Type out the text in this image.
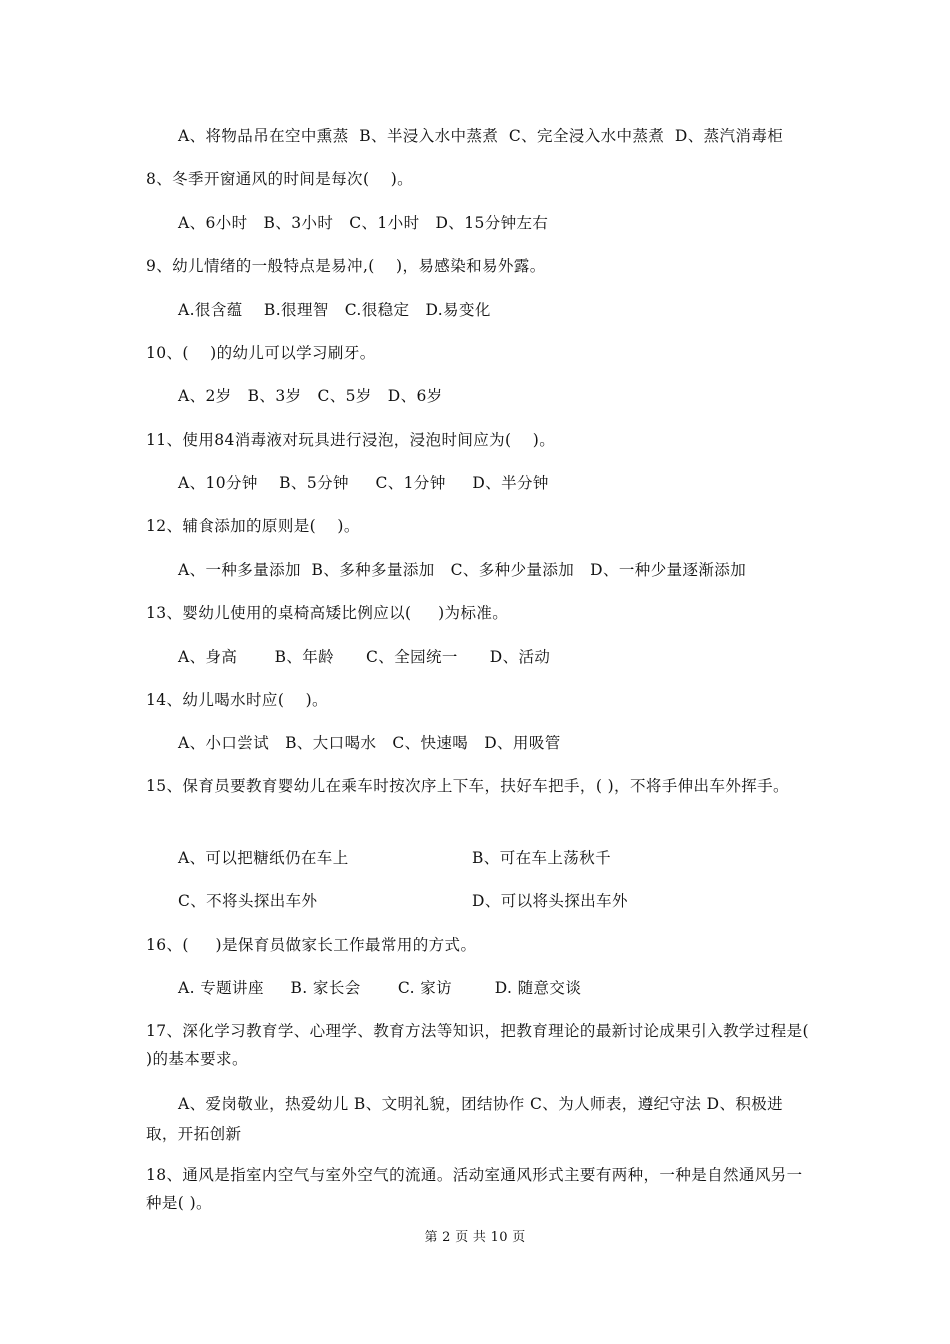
A、将物品吊在空中熏蒸  B、半浸入水中蒸煮  C、完全浸入水中蒸煮  D、蒸汽消毒柜
8、冬季开窗通风的时间是每次(    )。
A、6小时   B、3小时   C、1小时   D、15分钟左右
9、幼儿情绪的一般特点是易冲,(    )，易感染和易外露。
A.很含蕴    B.很理智   C.很稳定   D.易变化
10、(    )的幼儿可以学习刷牙。
A、2岁   B、3岁   C、5岁   D、6岁
11、使用84消毒液对玩具进行浸泡，浸泡时间应为(    )。
A、10分钟    B、5分钟     C、1分钟     D、半分钟
12、辅食添加的原则是(    )。
A、一种多量添加  B、多种多量添加   C、多种少量添加   D、一种少量逐渐添加
13、婴幼儿使用的桌椅高矮比例应以(     )为标准。
A、身高       B、年龄      C、全园统一      D、活动
14、幼儿喝水时应(    )。
A、小口尝试   B、大口喝水   C、快速喝   D、用吸管
15、保育员要教育婴幼儿在乘车时按次序上下车，扶好车把手，( )，不将手伸出车外挥手。
A、可以把糖纸仍在车上	B、可在车上荡秋千
C、不将头探出车外	D、可以将头探出车外
16、(     )是保育员做家长工作最常用的方式。
A. 专题讲座     B. 家长会       C. 家访        D. 随意交谈
17、深化学习教育学、心理学、教育方法等知识，把教育理论的最新讨论成果引入教学过程是( )的基本要求。
A、爱岗敬业，热爱幼儿 B、文明礼貌，团结协作 C、为人师表，遵纪守法 D、积极进取，开拓创新
18、通风是指室内空气与室外空气的流通。活动室通风形式主要有两种，一种是自然通风另一种是( )。
第 2 页 共 10 页
